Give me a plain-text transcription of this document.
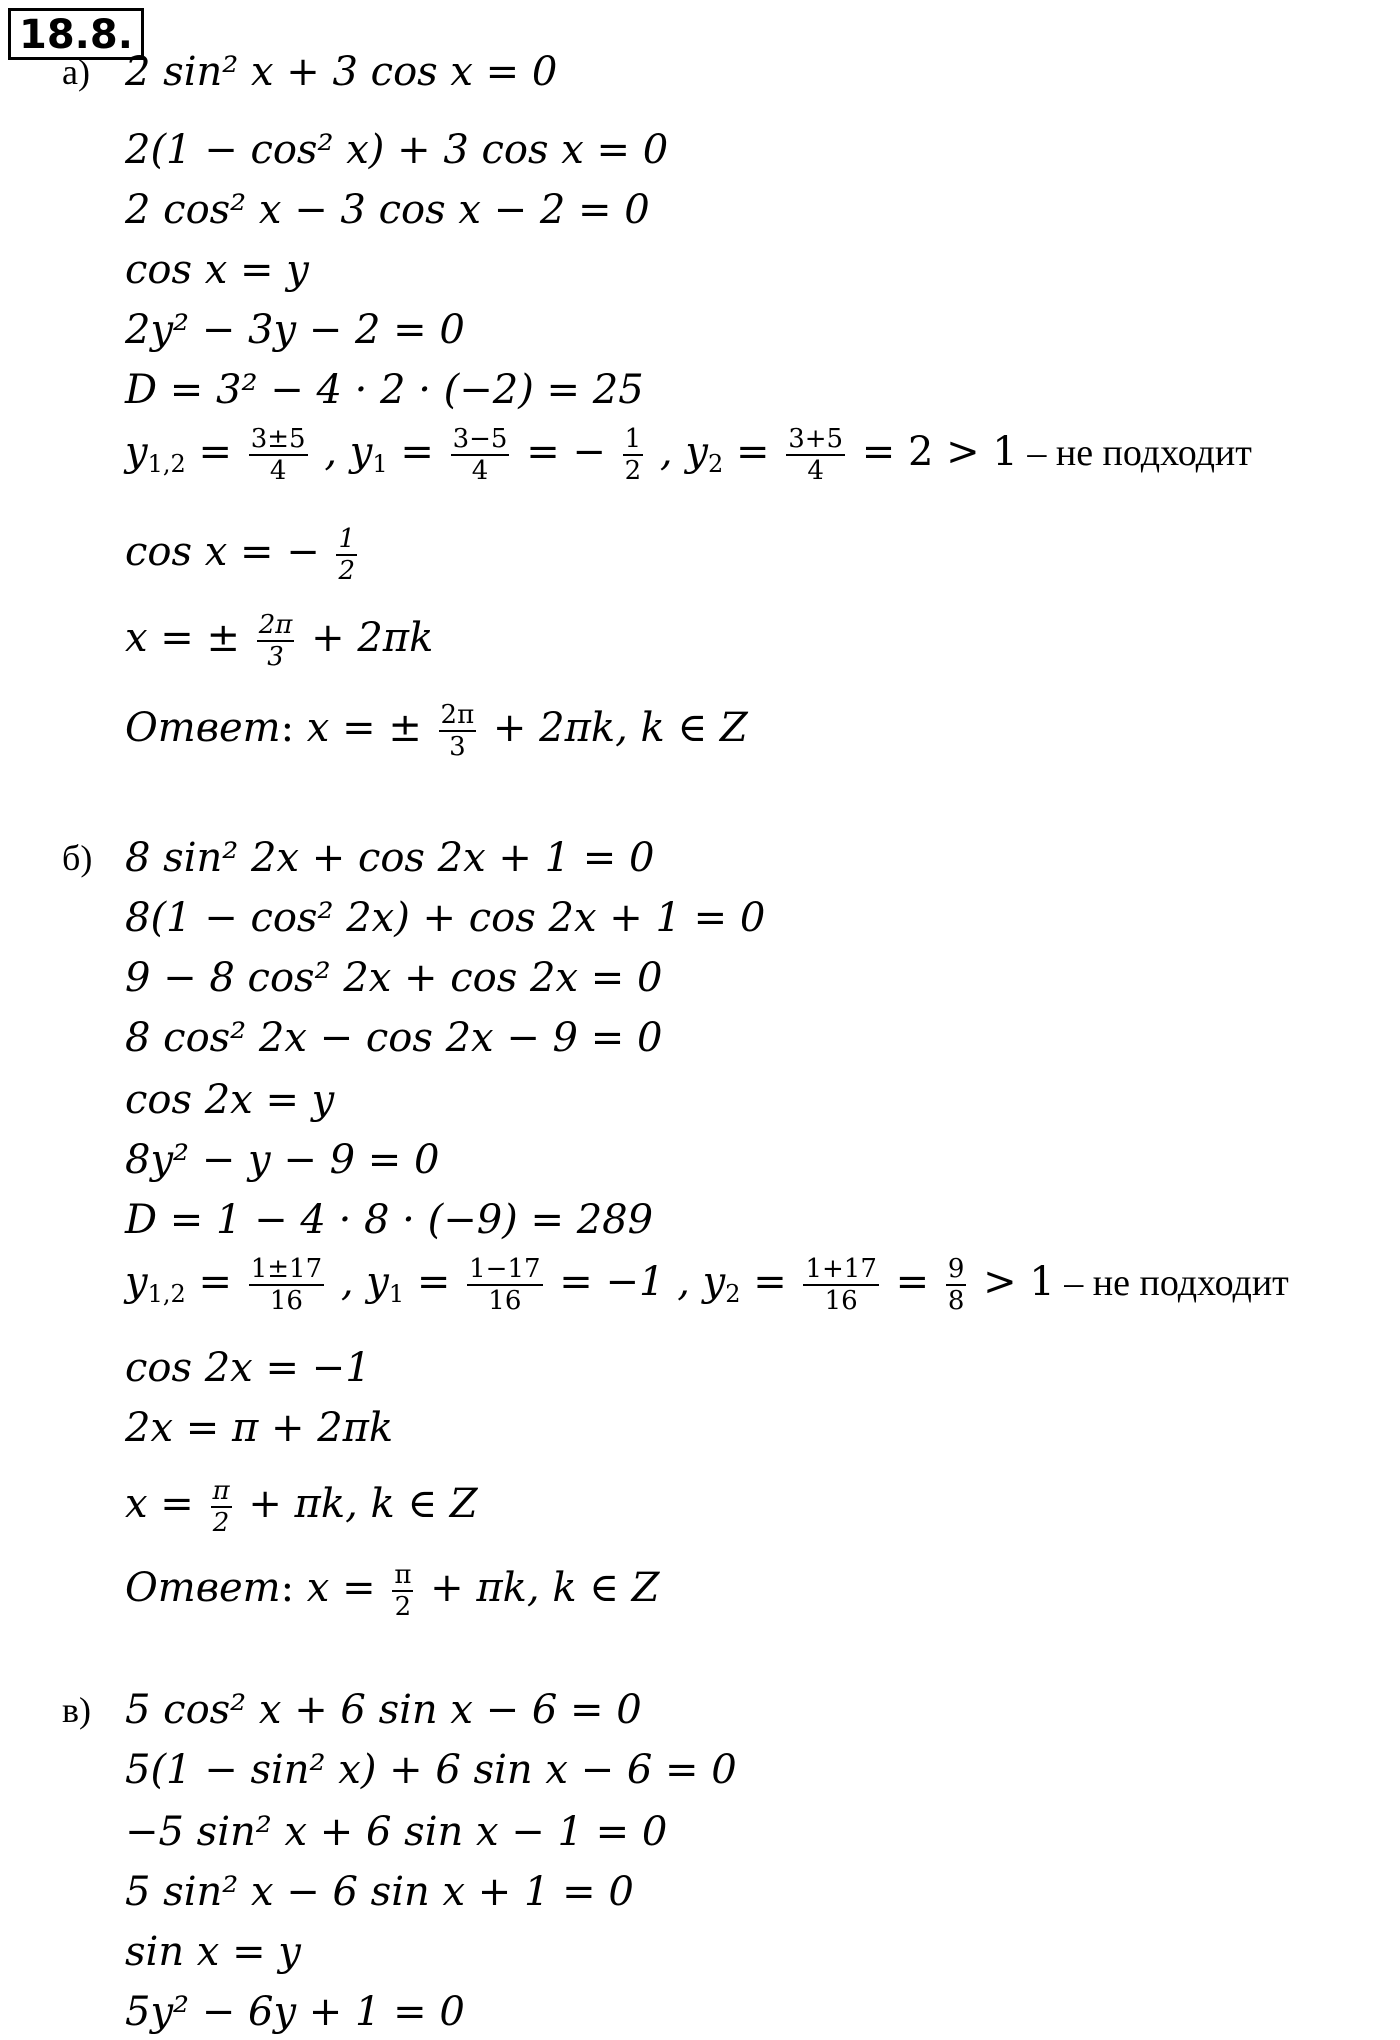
18.8.
а) 2 sin² x + 3 cos x = 0
2(1 − cos² x) + 3 cos x = 0
2 cos² x − 3 cos x − 2 = 0
cos x = y
2y² − 3y − 2 = 0
D = 3² − 4 · 2 · (−2) = 25
$y_{1,2} = \frac{3\pm 5}{4}$ , $y_1 = \frac{3-5}{4}$ = − $\frac{1}{2}$ , $y_2 = \frac{3+5}{4} = 2 > 1$ – не подходит
cos x = − $\frac{1}{2}$
x = ± $\frac{2\pi}{3} + 2\pi k$
Ответ: x = ± $\frac{2\pi}{3} + 2\pi k$, k ∈ Z
б) 8 sin² 2x + cos 2x + 1 = 0
8(1 − cos² 2x) + cos 2x + 1 = 0
9 − 8 cos² 2x + cos 2x = 0
8 cos² 2x − cos 2x − 9 = 0
cos 2x = y
8y² − y − 9 = 0
D = 1 − 4 · 8 · (−9) = 289
$y_{1,2} = \frac{1\pm 17}{16}$ , $y_1 = \frac{1-17}{16} = -1$ , $y_2 = \frac{1+17}{16} = \frac{9}{8} > 1$ – не подходит
cos 2x = −1
2x = π + 2πk
$x = \frac{\pi}{2} + \pi k$, k ∈ Z
Ответ: $x = \frac{\pi}{2} + \pi k$, k ∈ Z
в) 5 cos² x + 6 sin x − 6 = 0
5(1 − sin² x) + 6 sin x − 6 = 0
−5 sin² x + 6 sin x − 1 = 0
5 sin² x − 6 sin x + 1 = 0
sin x = y
5y² − 6y + 1 = 0
